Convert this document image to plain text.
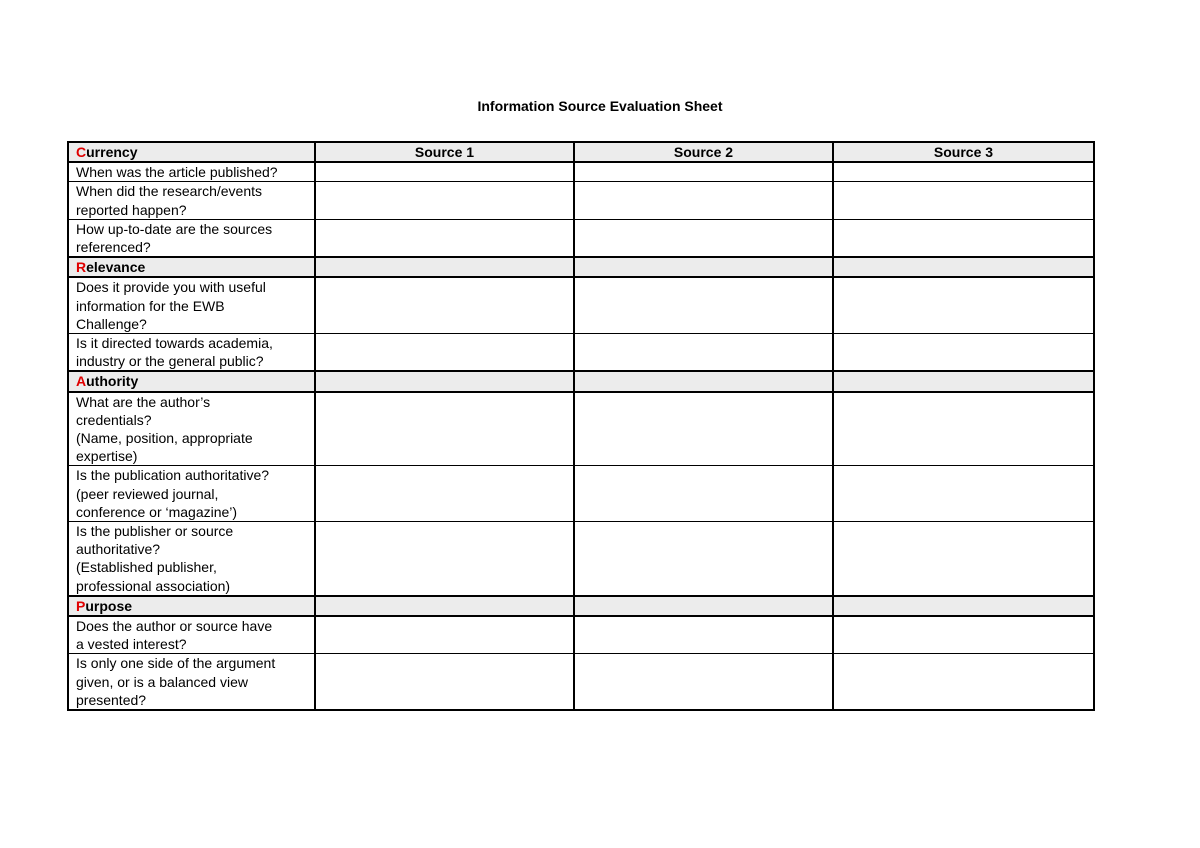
Information Source Evaluation Sheet
Currency	Source 1	Source 2	Source 3

When was the article published?			

When did the research/events
reported happen?			

How up-to-date are the sources
referenced?			

Relevance			

Does it provide you with useful
information for the EWB
Challenge?			

Is it directed towards academia,
industry or the general public?			

Authority			

What are the author’s
credentials?
(Name, position, appropriate
expertise)			

Is the publication authoritative?
(peer reviewed journal,
conference or ‘magazine’)			

Is the publisher or source
authoritative?
(Established publisher,
professional association)			

Purpose			

Does the author or source have
a vested interest?			

Is only one side of the argument
given, or is a balanced view
presented?			
